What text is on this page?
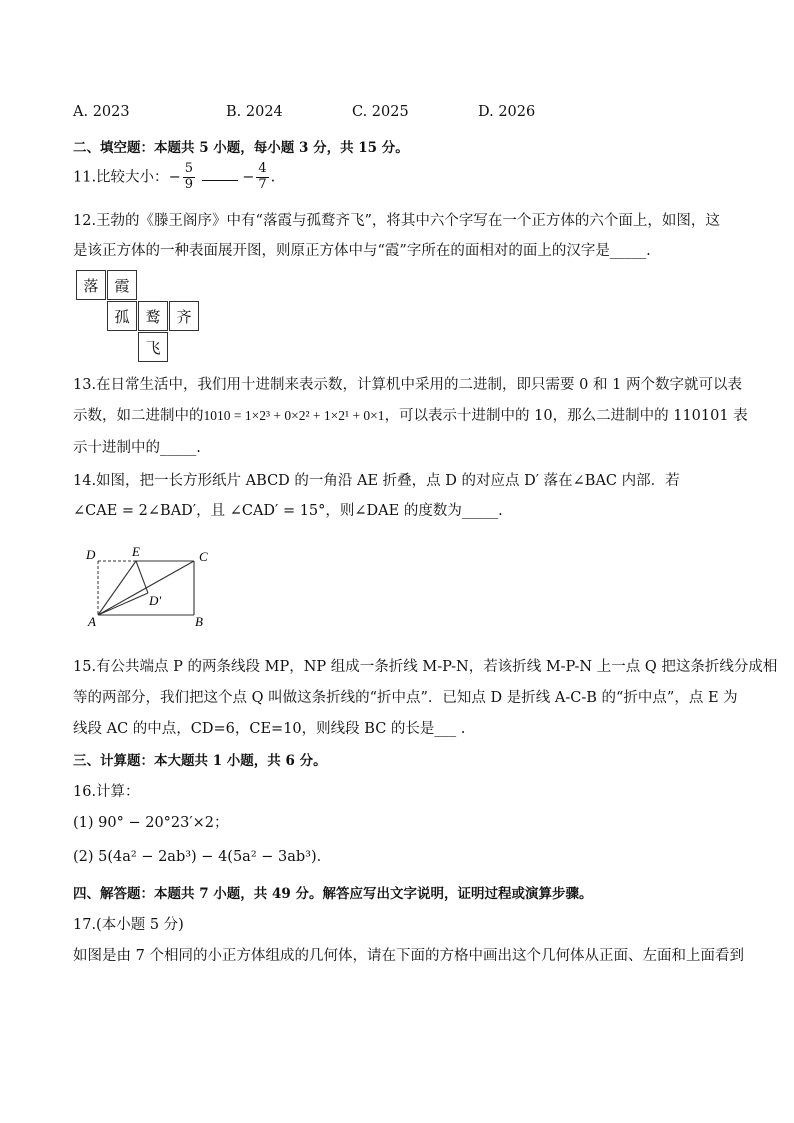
A. 2023	B. 2024	C. 2025	D. 2026
二、填空题：本题共 5 小题，每小题 3 分，共 15 分。
11.比较大小：− $\frac{5}{9}$	− $\frac{4}{7}$ .
12.王勃的《滕王阁序》中有“落霞与孤鹜齐飞”，将其中六个字写在一个正方体的六个面上，如图，这
是该正方体的一种表面展开图，则原正方体中与“霞”字所在的面相对的面上的汉字是_____.
落	霞
孤	鹜	齐
飞
13.在日常生活中，我们用十进制来表示数，计算机中采用的二进制，即只需要 0 和 1 两个数字就可以表
示数，如二进制中的1010 = 1×2³ + 0×2² + 1×2¹ + 0×1，可以表示十进制中的 10，那么二进制中的 110101 表
示十进制中的_____.
14.如图，把一长方形纸片 ABCD 的一角沿 AE 折叠，点 D 的对应点 D′ 落在∠BAC 内部．若
∠CAE = 2∠BAD′，且 ∠CAD′ = 15°，则∠DAE 的度数为_____.
D	E	C
D′
A	B
15.有公共端点 P 的两条线段 MP，NP 组成一条折线 M-P-N，若该折线 M-P-N 上一点 Q 把这条折线分成相
等的两部分，我们把这个点 Q 叫做这条折线的“折中点”．已知点 D 是折线 A-C-B 的“折中点”，点 E 为
线段 AC 的中点，CD=6，CE=10，则线段 BC 的长是___ .
三、计算题：本大题共 1 小题，共 6 分。
16.计算：
(1) 90° − 20°23′×2；
(2) 5(4a² − 2ab³) − 4(5a² − 3ab³)．
四、解答题：本题共 7 小题，共 49 分。解答应写出文字说明，证明过程或演算步骤。
17.(本小题 5 分)
如图是由 7 个相同的小正方体组成的几何体，请在下面的方格中画出这个几何体从正面、左面和上面看到
